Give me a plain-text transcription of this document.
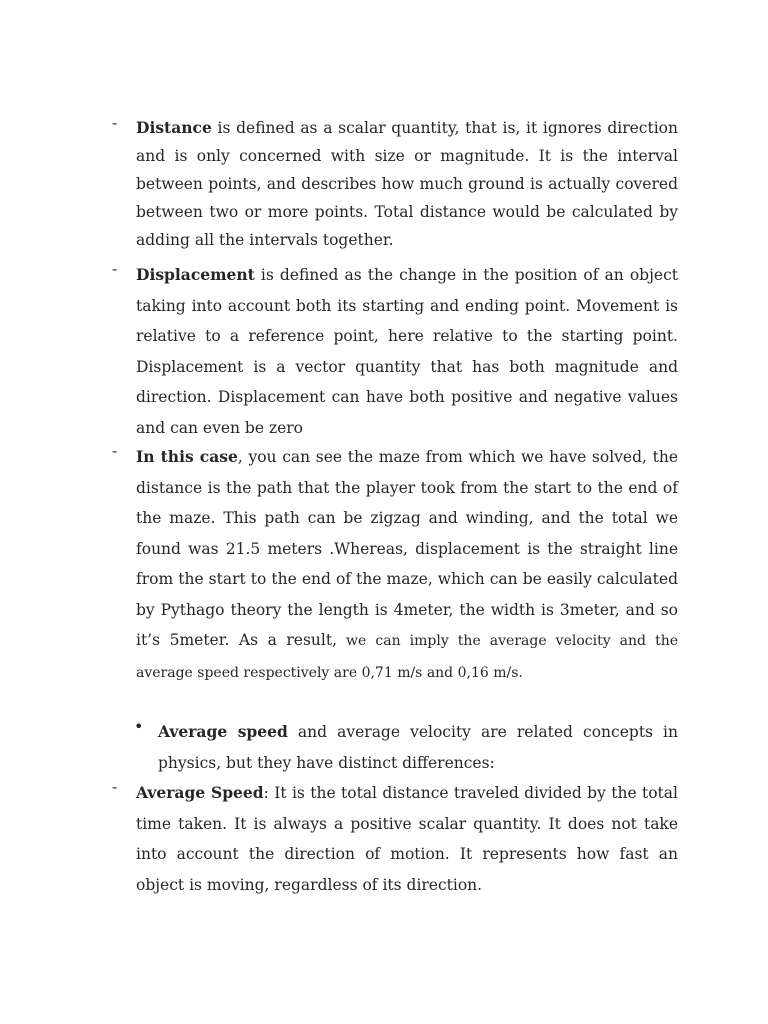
- Distance is defined as a scalar quantity, that is, it ignores direction and is only concerned with size or magnitude. It is the interval between points, and describes how much ground is actually covered between two or more points. Total distance would be calculated by adding all the intervals together.
- Displacement is defined as the change in the position of an object taking into account both its starting and ending point. Movement is relative to a reference point, here relative to the starting point. Displacement is a vector quantity that has both magnitude and direction. Displacement can have both positive and negative values and can even be zero
- In this case, you can see the maze from which we have solved, the distance is the path that the player took from the start to the end of the maze. This path can be zigzag and winding, and the total we found was 21.5 meters .Whereas, displacement is the straight line from the start to the end of the maze, which can be easily calculated by Pythago theory the length is 4meter, the width is 3meter, and so it’s 5meter. As a result, we can imply the average velocity and the average speed respectively are 0,71 m/s and 0,16 m/s.
• Average speed and average velocity are related concepts in physics, but they have distinct differences:
- Average Speed: It is the total distance traveled divided by the total time taken. It is always a positive scalar quantity. It does not take into account the direction of motion. It represents how fast an object is moving, regardless of its direction.
